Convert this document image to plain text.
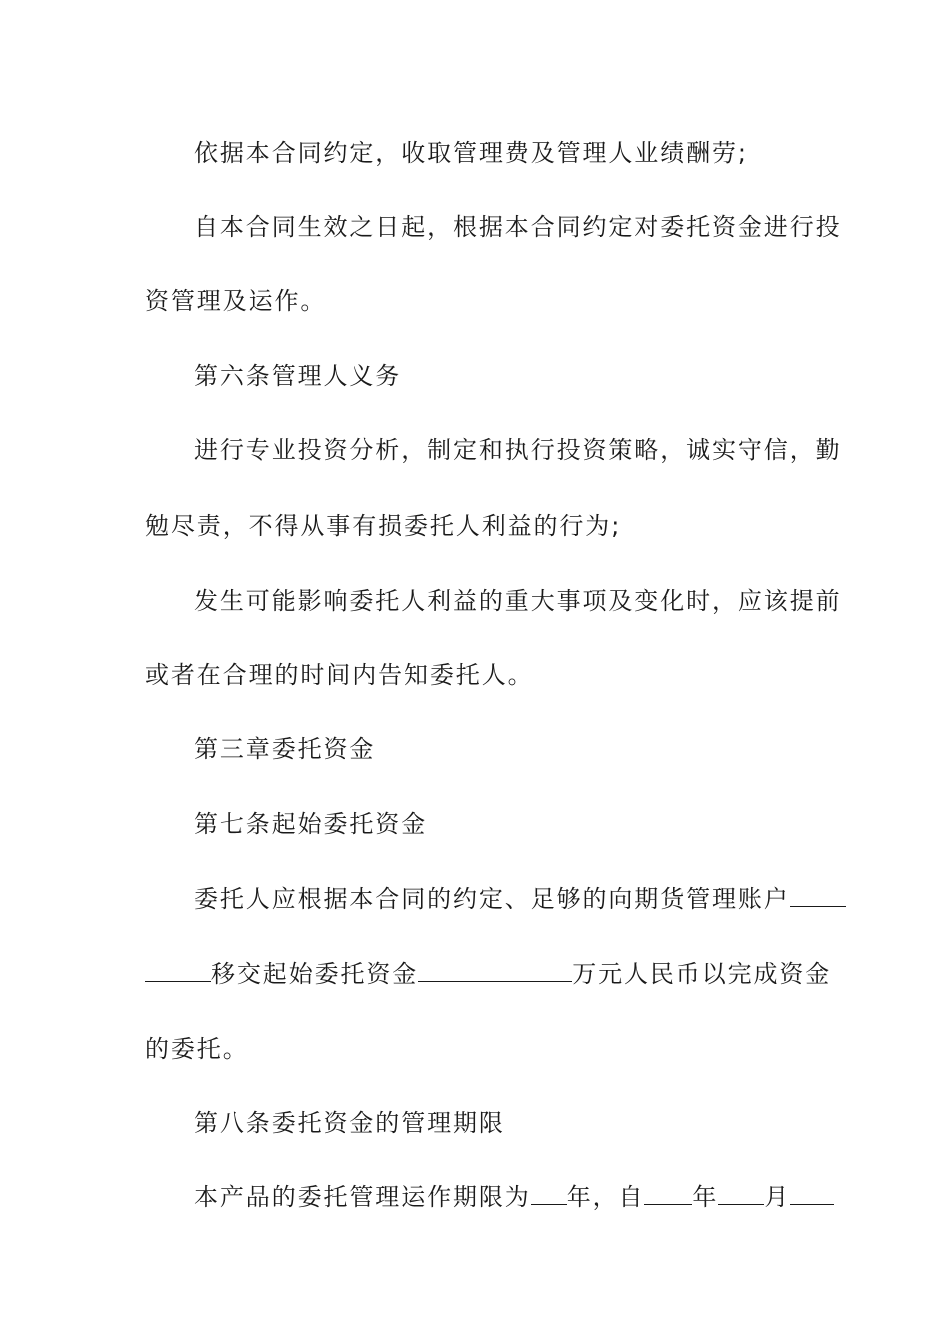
依据本合同约定，收取管理费及管理人业绩酬劳;
自本合同生效之日起，根据本合同约定对委托资金进行投
资管理及运作。
第六条管理人义务
进行专业投资分析，制定和执行投资策略，诚实守信，勤
勉尽责，不得从事有损委托人利益的行为;
发生可能影响委托人利益的重大事项及变化时，应该提前
或者在合理的时间内告知委托人。
第三章委托资金
第七条起始委托资金
委托人应根据本合同的约定、足够的向期货管理账户
移交起始委托资金	万元人民币以完成资金
的委托。
第八条委托资金的管理期限
本产品的委托管理运作期限为 年，自 年 月
